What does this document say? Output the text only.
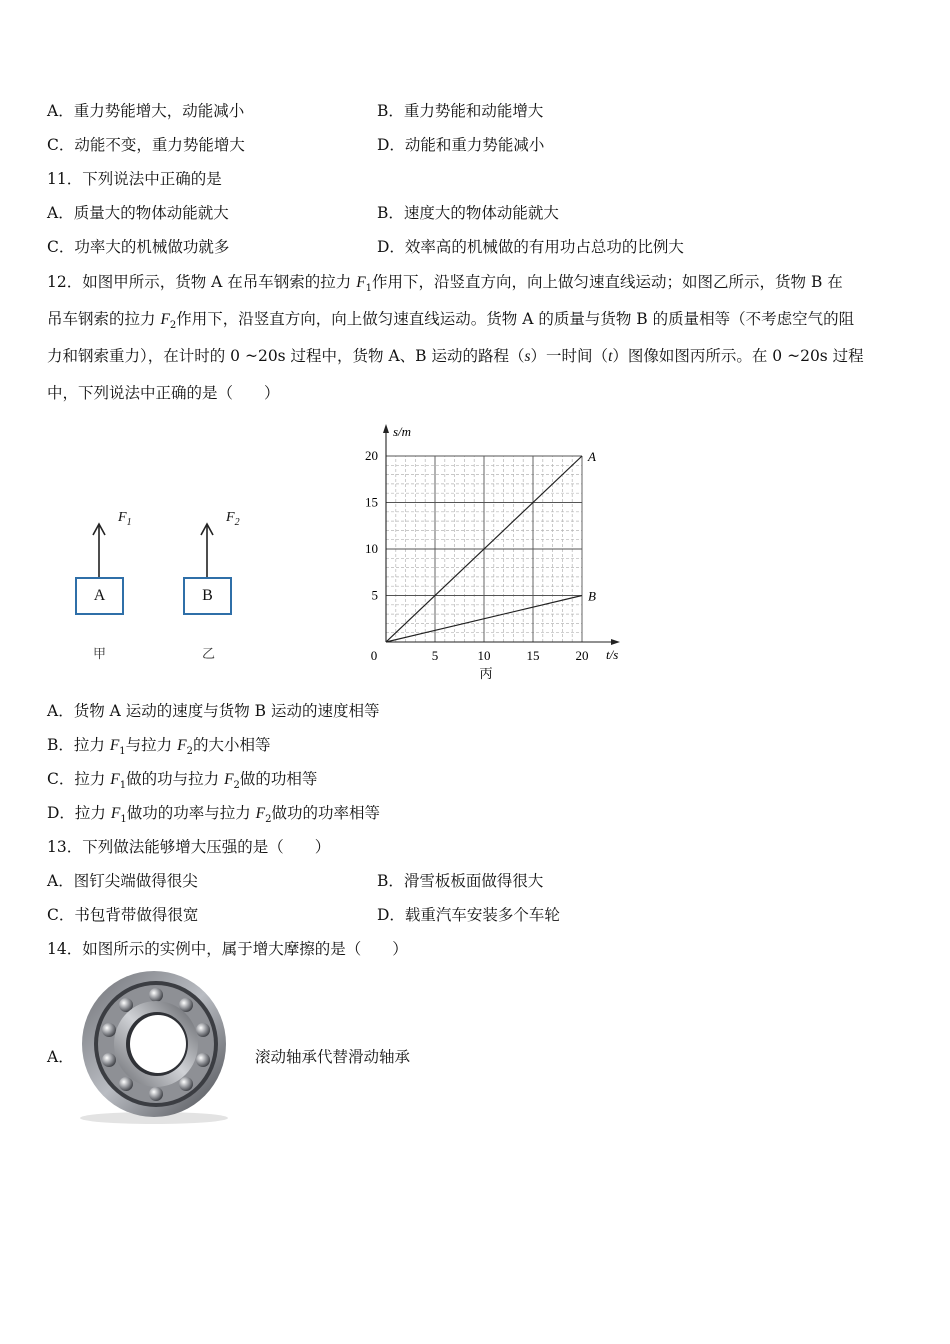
A．重力势能增大，动能减小	B．重力势能和动能增大
C．动能不变，重力势能增大	D．动能和重力势能减小
11．下列说法中正确的是
A．质量大的物体动能就大	B．速度大的物体动能就大
C．功率大的机械做功就多	D．效率高的机械做的有用功占总功的比例大
12．如图甲所示，货物 A 在吊车钢索的拉力 $F_1$作用下，沿竖直方向，向上做匀速直线运动；如图乙所示，货物 B 在
吊车钢索的拉力 $F_2$作用下，沿竖直方向，向上做匀速直线运动。货物 A 的质量与货物 B 的质量相等（不考虑空气的阻
力和钢索重力），在计时的 0 ~20s 过程中，货物 A、B 运动的路程（s）一时间（t）图像如图丙所示。在 0 ~20s 过程
中，下列说法中正确的是（　　）
$F_1$
A
甲
$F_2$
B
乙
s/m
t/s
0	5	10	15	20
5
10
15
20	A
B
丙
A．货物 A 运动的速度与货物 B 运动的速度相等
B．拉力 $F_1$与拉力 $F_2$的大小相等
C．拉力 $F_1$做的功与拉力 $F_2$做的功相等
D．拉力 $F_1$做功的功率与拉力 $F_2$做功的功率相等
13．下列做法能够增大压强的是（　　）
A．图钉尖端做得很尖	B．滑雪板板面做得很大
C．书包背带做得很宽	D．载重汽车安装多个车轮
14．如图所示的实例中，属于增大摩擦的是（　　）
A．	滚动轴承代替滑动轴承
